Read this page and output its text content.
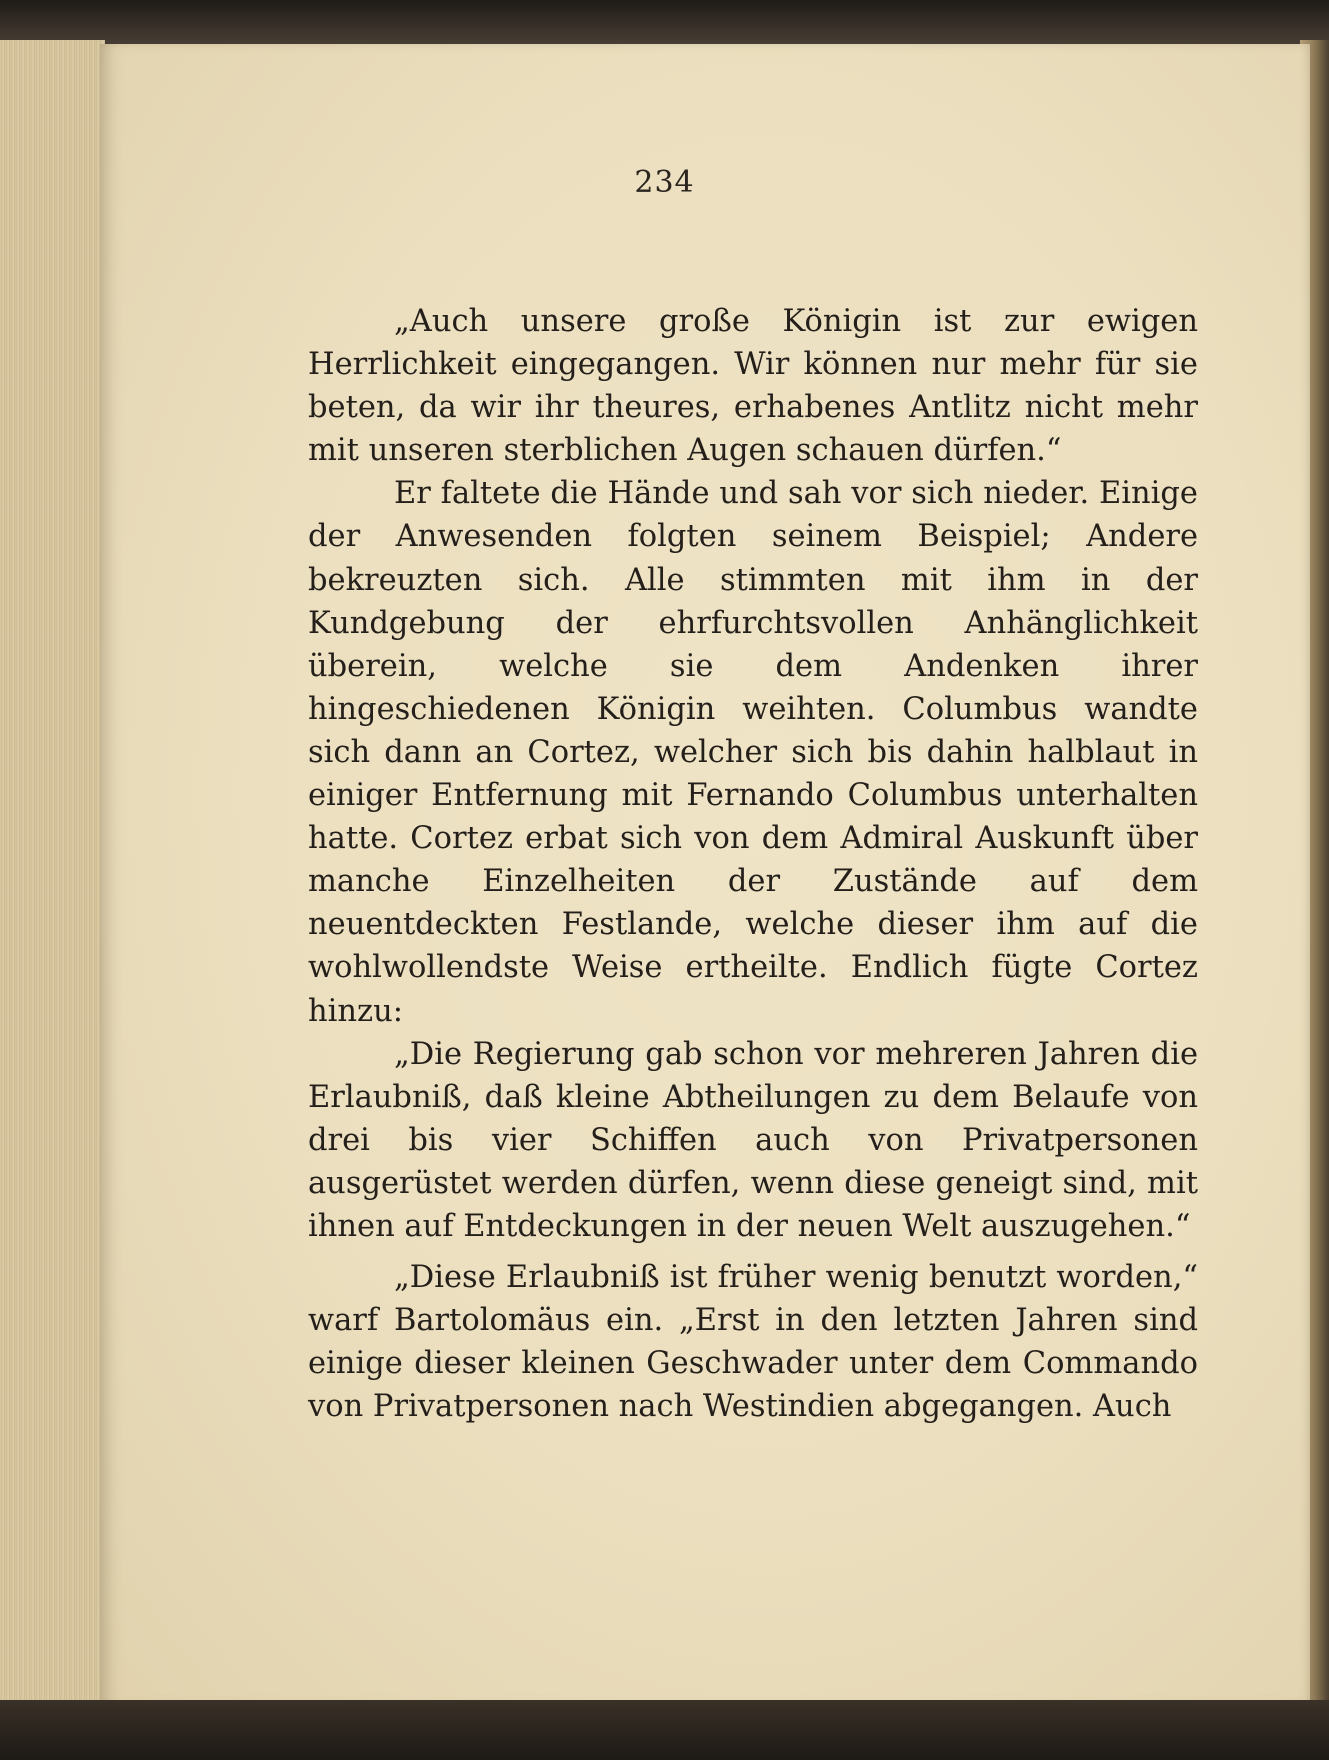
234

„Auch unsere große Königin ist zur ewigen Herrlichkeit eingegangen. Wir können nur mehr für sie beten, da wir ihr theures, erhabenes Antlitz nicht mehr mit unseren sterblichen Augen schauen dürfen.“

Er faltete die Hände und sah vor sich nieder. Einige der Anwesenden folgten seinem Beispiel; Andere bekreuzten sich. Alle stimmten mit ihm in der Kundgebung der ehrfurchtsvollen Anhänglichkeit überein, welche sie dem Andenken ihrer hingeschiedenen Königin weihten. Columbus wandte sich dann an Cortez, welcher sich bis dahin halblaut in einiger Entfernung mit Fernando Columbus unterhalten hatte. Cortez erbat sich von dem Admiral Auskunft über manche Einzelheiten der Zustände auf dem neuentdeckten Festlande, welche dieser ihm auf die wohlwollendste Weise ertheilte. Endlich fügte Cortez hinzu:

„Die Regierung gab schon vor mehreren Jahren die Erlaubniß, daß kleine Abtheilungen zu dem Belaufe von drei bis vier Schiffen auch von Privatpersonen ausgerüstet werden dürfen, wenn diese geneigt sind, mit ihnen auf Entdeckungen in der neuen Welt auszugehen.“

„Diese Erlaubniß ist früher wenig benutzt worden,“ warf Bartolomäus ein. „Erst in den letzten Jahren sind einige dieser kleinen Geschwader unter dem Commando von Privatpersonen nach Westindien abgegangen. Auch
